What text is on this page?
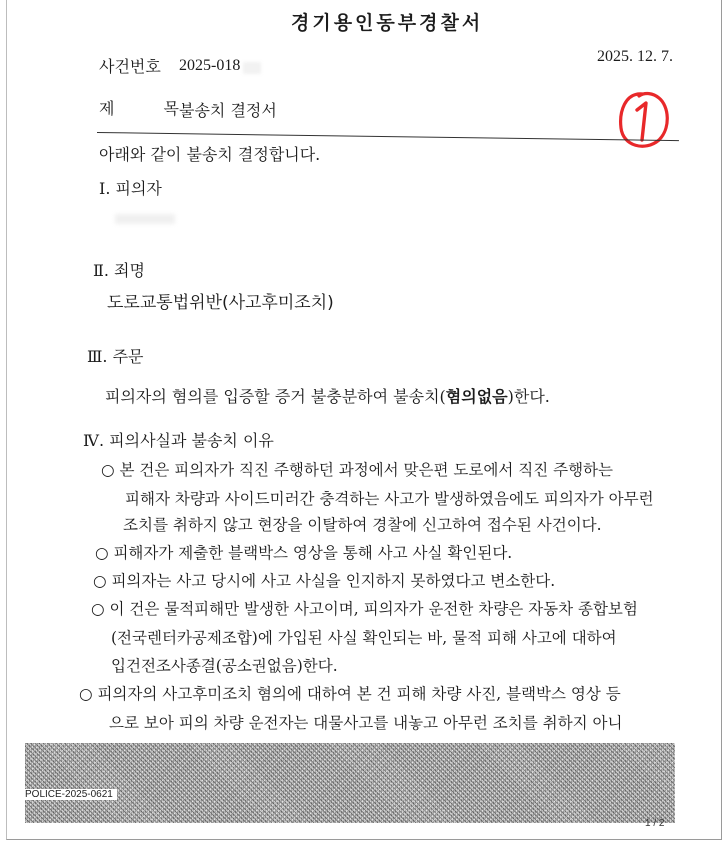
경기용인동부경찰서
2025. 12. 7.
사건번호 2025-018
제 목
불송치 결정서
아래와 같이 불송치 결정합니다.
Ⅰ. 피의자
Ⅱ. 죄명
도로교통법위반(사고후미조치)
Ⅲ. 주문
피의자의 혐의를 입증할 증거 불충분하여 불송치(혐의없음)한다.
Ⅳ. 피의사실과 불송치 이유
○ 본 건은 피의자가 직진 주행하던 과정에서 맞은편 도로에서 직진 주행하는
피해자 차량과 사이드미러간 충격하는 사고가 발생하였음에도 피의자가 아무런
조치를 취하지 않고 현장을 이탈하여 경찰에 신고하여 접수된 사건이다.
○ 피해자가 제출한 블랙박스 영상을 통해 사고 사실 확인된다.
○ 피의자는 사고 당시에 사고 사실을 인지하지 못하였다고 변소한다.
○ 이 건은 물적피해만 발생한 사고이며, 피의자가 운전한 차량은 자동차 종합보험
(전국렌터카공제조합)에 가입된 사실 확인되는 바, 물적 피해 사고에 대하여
입건전조사종결(공소권없음)한다.
○ 피의자의 사고후미조치 혐의에 대하여 본 건 피해 차량 사진, 블랙박스 영상 등
으로 보아 피의 차량 운전자는 대물사고를 내놓고 아무런 조치를 취하지 아니
POLICE-2025-0621
1 / 2
